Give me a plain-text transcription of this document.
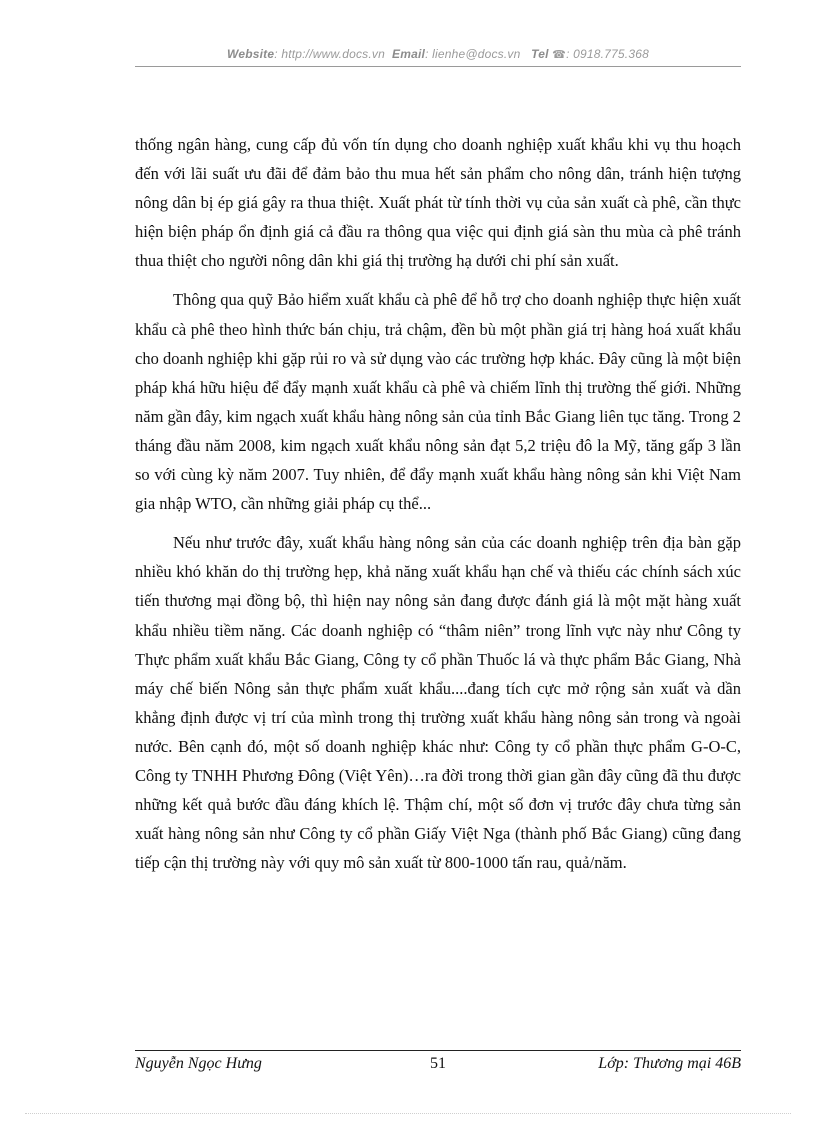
Website: http://www.docs.vn Email: lienhe@docs.vn Tel ☎: 0918.775.368

thống ngân hàng, cung cấp đủ vốn tín dụng cho doanh nghiệp xuất khẩu khi vụ thu hoạch đến với lãi suất ưu đãi để đảm bảo thu mua hết sản phẩm cho nông dân, tránh hiện tượng nông dân bị ép giá gây ra thua thiệt. Xuất phát từ tính thời vụ của sản xuất cà phê, cần thực hiện biện pháp ổn định giá cả đầu ra thông qua việc qui định giá sàn thu mùa cà phê tránh thua thiệt cho người nông dân khi giá thị trường hạ dưới chi phí sản xuất.

Thông qua quỹ Bảo hiểm xuất khẩu cà phê để hỗ trợ cho doanh nghiệp thực hiện xuất khẩu cà phê theo hình thức bán chịu, trả chậm, đền bù một phần giá trị hàng hoá xuất khẩu cho doanh nghiệp khi gặp rủi ro và sử dụng vào các trường hợp khác. Đây cũng là một biện pháp khá hữu hiệu để đẩy mạnh xuất khẩu cà phê và chiếm lĩnh thị trường thế giới. Những năm gần đây, kim ngạch xuất khẩu hàng nông sản của tỉnh Bắc Giang liên tục tăng. Trong 2 tháng đầu năm 2008, kim ngạch xuất khẩu nông sản đạt 5,2 triệu đô la Mỹ, tăng gấp 3 lần so với cùng kỳ năm 2007. Tuy nhiên, để đẩy mạnh xuất khẩu hàng nông sản khi Việt Nam gia nhập WTO, cần những giải pháp cụ thể...

Nếu như trước đây, xuất khẩu hàng nông sản của các doanh nghiệp trên địa bàn gặp nhiều khó khăn do thị trường hẹp, khả năng xuất khẩu hạn chế và thiếu các chính sách xúc tiến thương mại đồng bộ, thì hiện nay nông sản đang được đánh giá là một mặt hàng xuất khẩu nhiều tiềm năng. Các doanh nghiệp có “thâm niên” trong lĩnh vực này như Công ty Thực phẩm xuất khẩu Bắc Giang, Công ty cổ phần Thuốc lá và thực phẩm Bắc Giang, Nhà máy chế biến Nông sản thực phẩm xuất khẩu....đang tích cực mở rộng sản xuất và dần khẳng định được vị trí của mình trong thị trường xuất khẩu hàng nông sản trong và ngoài nước. Bên cạnh đó, một số doanh nghiệp khác như: Công ty cổ phần thực phẩm G-O-C, Công ty TNHH Phương Đông (Việt Yên)…ra đời trong thời gian gần đây cũng đã thu được những kết quả bước đầu đáng khích lệ. Thậm chí, một số đơn vị trước đây chưa từng sản xuất hàng nông sản như Công ty cổ phần Giấy Việt Nga (thành phố Bắc Giang) cũng đang tiếp cận thị trường này với quy mô sản xuất từ 800-1000 tấn rau, quả/năm.

51
Nguyễn Ngọc Hưng	Lớp: Thương mại 46B
